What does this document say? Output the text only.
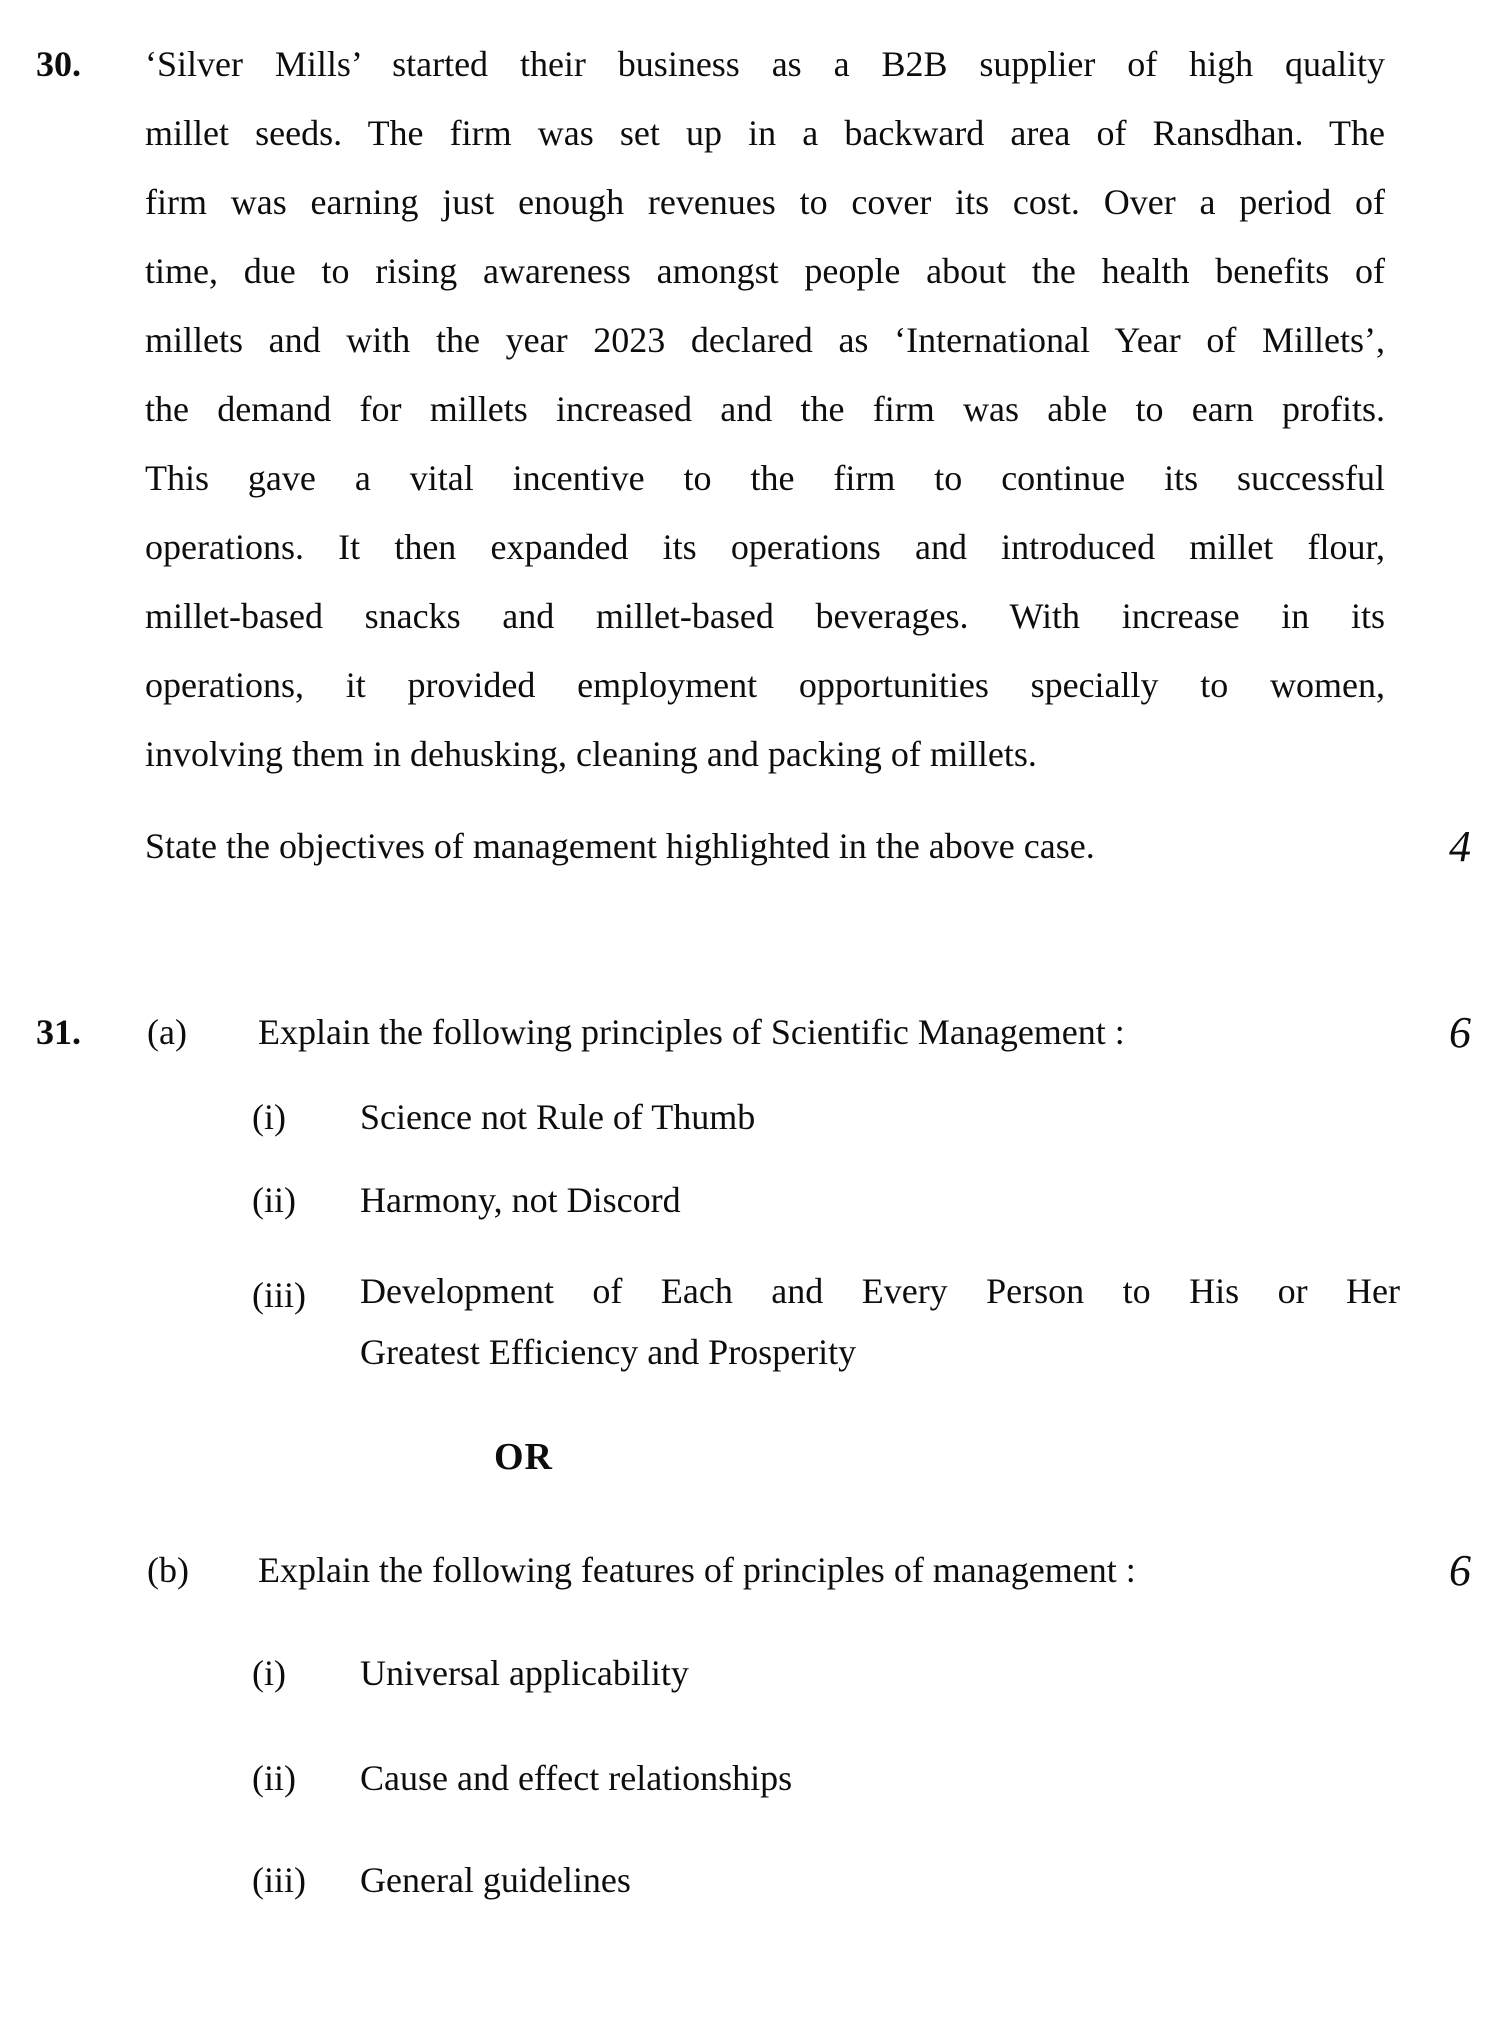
30. ‘Silver Mills’ started their business as a B2B supplier of high quality
millet seeds. The firm was set up in a backward area of Ransdhan. The
firm was earning just enough revenues to cover its cost. Over a period of
time, due to rising awareness amongst people about the health benefits of
millets and with the year 2023 declared as ‘International Year of Millets’,
the demand for millets increased and the firm was able to earn profits.
This gave a vital incentive to the firm to continue its successful
operations. It then expanded its operations and introduced millet flour,
millet-based snacks and millet-based beverages. With increase in its
operations, it provided employment opportunities specially to women,
involving them in dehusking, cleaning and packing of millets.
State the objectives of management highlighted in the above case.	4
31. (a) Explain the following principles of Scientific Management :	6
(i) Science not Rule of Thumb
(ii) Harmony, not Discord
(iii) Development of Each and Every Person to His or Her
Greatest Efficiency and Prosperity
OR
(b) Explain the following features of principles of management :	6
(i) Universal applicability
(ii) Cause and effect relationships
(iii) General guidelines
